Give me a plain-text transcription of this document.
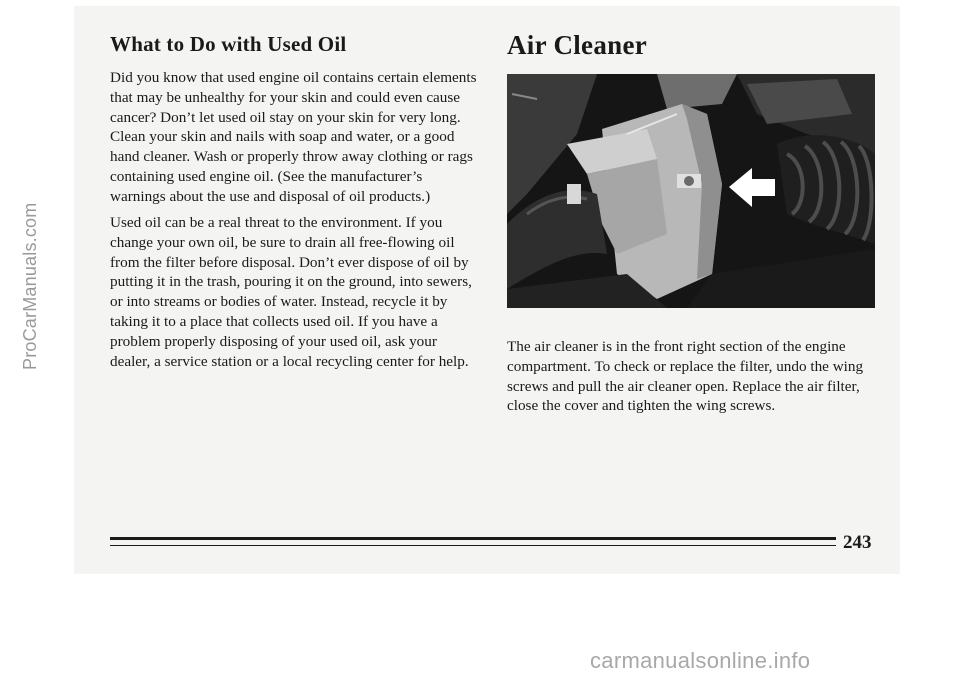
What to Do with Used Oil

Did you know that used engine oil contains certain elements that may be unhealthy for your skin and could even cause cancer? Don’t let used oil stay on your skin for very long. Clean your skin and nails with soap and water, or a good hand cleaner. Wash or properly throw away clothing or rags containing used engine oil. (See the manufacturer’s warnings about the use and disposal of oil products.)

Used oil can be a real threat to the environment. If you change your own oil, be sure to drain all free-flowing oil from the filter before disposal. Don’t ever dispose of oil by putting it in the trash, pouring it on the ground, into sewers, or into streams or bodies of water. Instead, recycle it by taking it to a place that collects used oil. If you have a problem properly disposing of your used oil, ask your dealer, a service station or a local recycling center for help.

Air Cleaner

The air cleaner is in the front right section of the engine compartment. To check or replace the filter, undo the wing screws and pull the air cleaner open. Replace the air filter, close the cover and tighten the wing screws.

243
ProCarManuals.com
carmanualsonline.info
